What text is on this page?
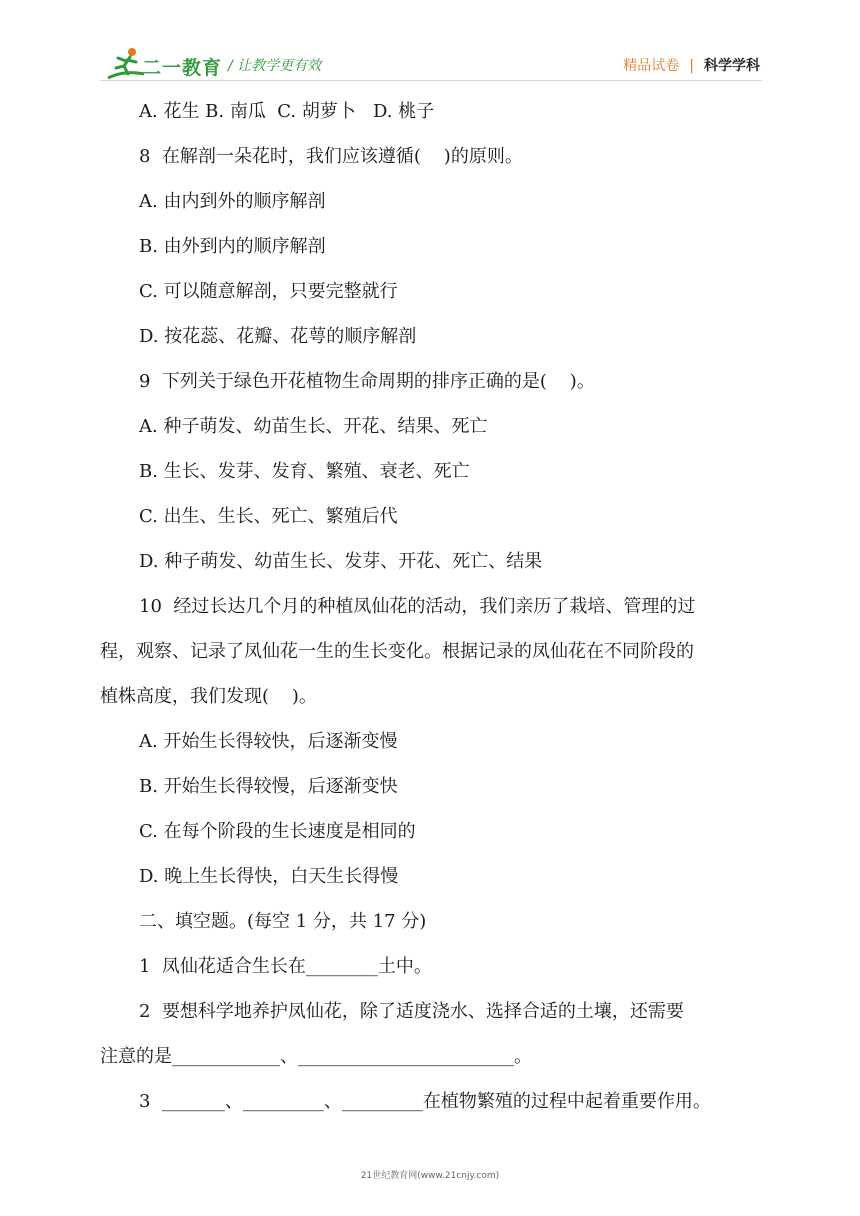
二一教育 / 让教学更有效	精品试卷 | 科学学科
A. 花生 B. 南瓜  C. 胡萝卜   D. 桃子
8  在解剖一朵花时，我们应该遵循(    )的原则。
A. 由内到外的顺序解剖
B. 由外到内的顺序解剖
C. 可以随意解剖，只要完整就行
D. 按花蕊、花瓣、花萼的顺序解剖
9  下列关于绿色开花植物生命周期的排序正确的是(    )。
A. 种子萌发、幼苗生长、开花、结果、死亡
B. 生长、发芽、发育、繁殖、衰老、死亡
C. 出生、生长、死亡、繁殖后代
D. 种子萌发、幼苗生长、发芽、开花、死亡、结果
10  经过长达几个月的种植凤仙花的活动，我们亲历了栽培、管理的过
程，观察、记录了凤仙花一生的生长变化。根据记录的凤仙花在不同阶段的
植株高度，我们发现(    )。
A. 开始生长得较快，后逐渐变慢
B. 开始生长得较慢，后逐渐变快
C. 在每个阶段的生长速度是相同的
D. 晚上生长得快，白天生长得慢
二、填空题。(每空 1 分，共 17 分)
1  凤仙花适合生长在________土中。
2  要想科学地养护凤仙花，除了适度浇水、选择合适的土壤，还需要
注意的是____________、________________________。
3  _______、_________、_________在植物繁殖的过程中起着重要作用。
21世纪教育网(www.21cnjy.com)
